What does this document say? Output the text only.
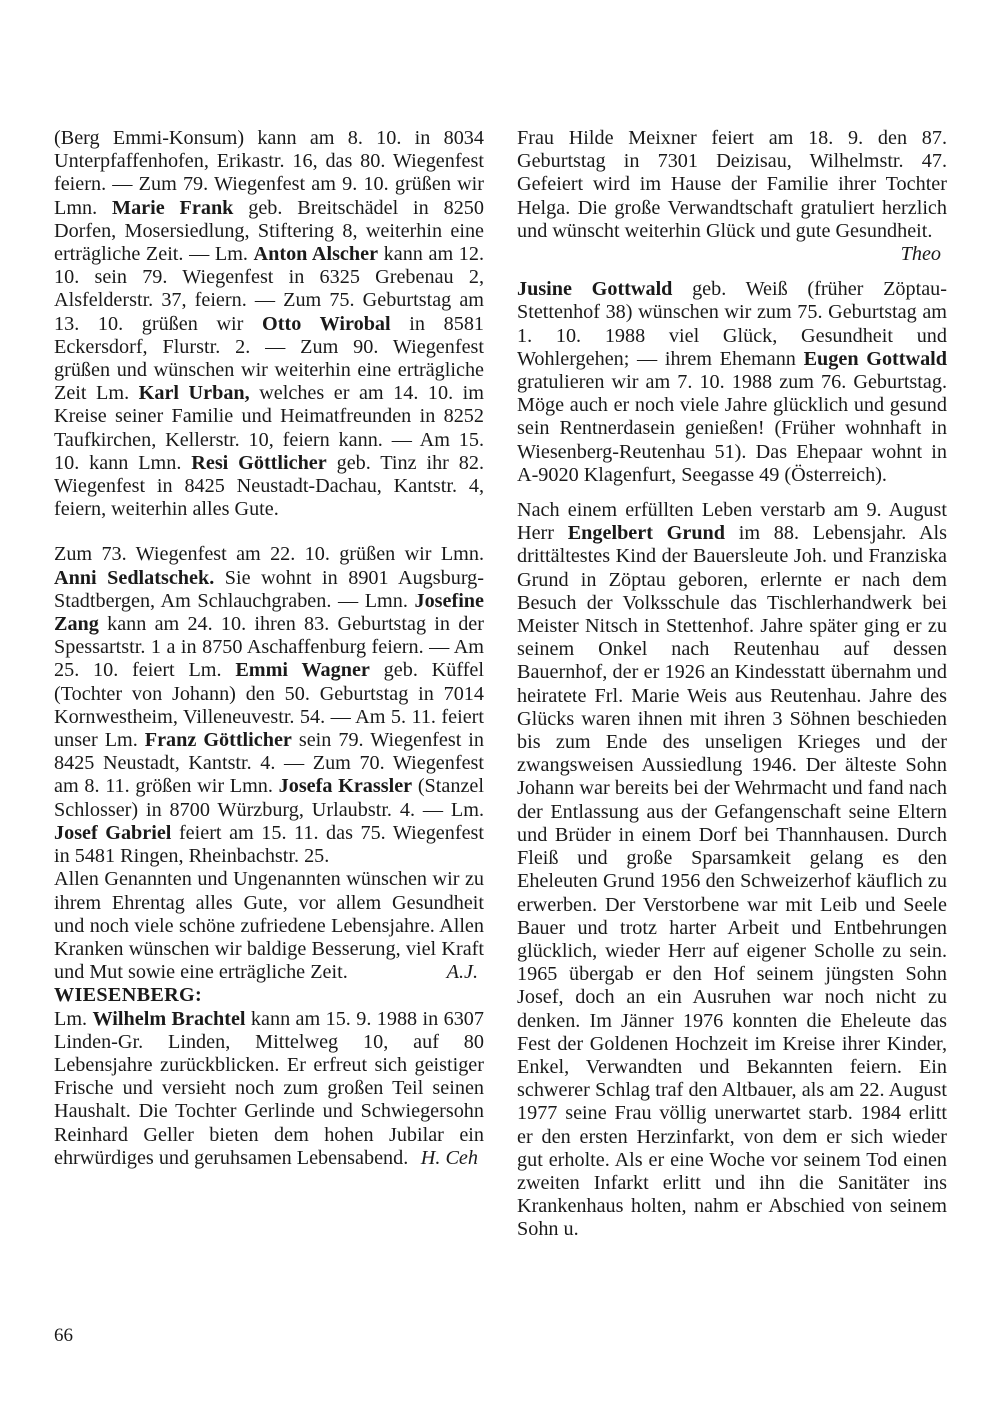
(Berg Emmi-Konsum) kann am 8. 10. in 8034 Unterpfaffenhofen, Erikastr. 16, das 80. Wiegenfest feiern. — Zum 79. Wiegenfest am 9. 10. grüßen wir Lmn. Marie Frank geb. Breitschädel in 8250 Dorfen, Mosersiedlung, Stiftering 8, weiterhin eine erträgliche Zeit. — Lm. Anton Alscher kann am 12. 10. sein 79. Wiegenfest in 6325 Grebenau 2, Alsfelderstr. 37, feiern. — Zum 75. Geburtstag am 13. 10. grüßen wir Otto Wirobal in 8581 Eckersdorf, Flurstr. 2. — Zum 90. Wiegenfest grüßen und wünschen wir weiterhin eine erträgliche Zeit Lm. Karl Urban, welches er am 14. 10. im Kreise seiner Familie und Heimatfreunden in 8252 Taufkirchen, Kellerstr. 10, feiern kann. — Am 15. 10. kann Lmn. Resi Göttlicher geb. Tinz ihr 82. Wiegenfest in 8425 Neustadt-Dachau, Kantstr. 4, feiern, weiterhin alles Gute.

Zum 73. Wiegenfest am 22. 10. grüßen wir Lmn. Anni Sedlatschek. Sie wohnt in 8901 Augsburg-Stadtbergen, Am Schlauchgraben. — Lmn. Josefine Zang kann am 24. 10. ihren 83. Geburtstag in der Spessartstr. 1 a in 8750 Aschaffenburg feiern. — Am 25. 10. feiert Lm. Emmi Wagner geb. Küffel (Tochter von Johann) den 50. Geburtstag in 7014 Kornwestheim, Villeneuvestr. 54. — Am 5. 11. feiert unser Lm. Franz Göttlicher sein 79. Wiegenfest in 8425 Neustadt, Kantstr. 4. — Zum 70. Wiegenfest am 8. 11. größen wir Lmn. Josefa Krassler (Stanzel Schlosser) in 8700 Würzburg, Urlaubstr. 4. — Lm. Josef Gabriel feiert am 15. 11. das 75. Wiegenfest in 5481 Ringen, Rheinbachstr. 25.

Allen Genannten und Ungenannten wünschen wir zu ihrem Ehrentag alles Gute, vor allem Gesundheit und noch viele schöne zufriedene Lebensjahre. Allen Kranken wünschen wir baldige Besserung, viel Kraft und Mut sowie eine erträgliche Zeit.	A.J.

WIESENBERG:

Lm. Wilhelm Brachtel kann am 15. 9. 1988 in 6307 Linden-Gr. Linden, Mittelweg 10, auf 80 Lebensjahre zurückblicken. Er erfreut sich geistiger Frische und versieht noch zum großen Teil seinen Haushalt. Die Tochter Gerlinde und Schwiegersohn Reinhard Geller bieten dem hohen Jubilar ein ehrwürdiges und geruhsamen Lebensabend. H. Ceh

Frau Hilde Meixner feiert am 18. 9. den 87. Geburtstag in 7301 Deizisau, Wilhelmstr. 47. Gefeiert wird im Hause der Familie ihrer Tochter Helga. Die große Verwandtschaft gratuliert herzlich und wünscht weiterhin Glück und gute Gesundheit.
Theo

Jusine Gottwald geb. Weiß (früher Zöptau-Stettenhof 38) wünschen wir zum 75. Geburtstag am 1. 10. 1988 viel Glück, Gesundheit und Wohlergehen; — ihrem Ehemann Eugen Gottwald gratulieren wir am 7. 10. 1988 zum 76. Geburtstag. Möge auch er noch viele Jahre glücklich und gesund sein Rentnerdasein genießen! (Früher wohnhaft in Wiesenberg-Reutenhau 51). Das Ehepaar wohnt in A-9020 Klagenfurt, Seegasse 49 (Österreich).

Nach einem erfüllten Leben verstarb am 9. August Herr Engelbert Grund im 88. Lebensjahr. Als drittältestes Kind der Bauersleute Joh. und Franziska Grund in Zöptau geboren, erlernte er nach dem Besuch der Volksschule das Tischlerhandwerk bei Meister Nitsch in Stettenhof. Jahre später ging er zu seinem Onkel nach Reutenhau auf dessen Bauernhof, der er 1926 an Kindesstatt übernahm und heiratete Frl. Marie Weis aus Reutenhau. Jahre des Glücks waren ihnen mit ihren 3 Söhnen beschieden bis zum Ende des unseligen Krieges und der zwangsweisen Aussiedlung 1946. Der älteste Sohn Johann war bereits bei der Wehrmacht und fand nach der Entlassung aus der Gefangenschaft seine Eltern und Brüder in einem Dorf bei Thannhausen. Durch Fleiß und große Sparsamkeit gelang es den Eheleuten Grund 1956 den Schweizerhof käuflich zu erwerben. Der Verstorbene war mit Leib und Seele Bauer und trotz harter Arbeit und Entbehrungen glücklich, wieder Herr auf eigener Scholle zu sein. 1965 übergab er den Hof seinem jüngsten Sohn Josef, doch an ein Ausruhen war noch nicht zu denken. Im Jänner 1976 konnten die Eheleute das Fest der Goldenen Hochzeit im Kreise ihrer Kinder, Enkel, Verwandten und Bekannten feiern. Ein schwerer Schlag traf den Altbauer, als am 22. August 1977 seine Frau völlig unerwartet starb. 1984 erlitt er den ersten Herzinfarkt, von dem er sich wieder gut erholte. Als er eine Woche vor seinem Tod einen zweiten Infarkt erlitt und ihn die Sanitäter ins Krankenhaus holten, nahm er Abschied von seinem Sohn u.

66
